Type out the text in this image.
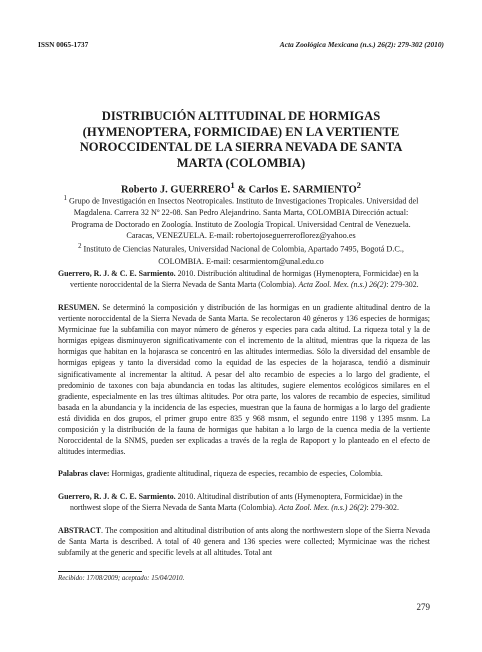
ISSN 0065-1737	Acta Zoológica Mexicana (n.s.) 26(2): 279-302 (2010)
DISTRIBUCIÓN ALTITUDINAL DE HORMIGAS (HYMENOPTERA, FORMICIDAE) EN LA VERTIENTE NOROCCIDENTAL DE LA SIERRA NEVADA DE SANTA MARTA (COLOMBIA)
Roberto J. GUERRERO$^1$ & Carlos E. SARMIENTO$^2$
$^1$ Grupo de Investigación en Insectos Neotropicales. Instituto de Investigaciones Tropicales. Universidad del Magdalena. Carrera 32 Nº 22-08. San Pedro Alejandrino. Santa Marta, COLOMBIA Dirección actual: Programa de Doctorado en Zoología. Instituto de Zoología Tropical. Universidad Central de Venezuela. Caracas, VENEZUELA. E-mail: robertojoseguerreroflorez@yahoo.es
$^2$ Instituto de Ciencias Naturales, Universidad Nacional de Colombia, Apartado 7495, Bogotá D.C., COLOMBIA. E-mail: cesarmientom@unal.edu.co

Guerrero, R. J. & C. E. Sarmiento. 2010. Distribución altitudinal de hormigas (Hymenoptera, Formicidae) en la vertiente noroccidental de la Sierra Nevada de Santa Marta (Colombia). Acta Zool. Mex. (n.s.) 26(2): 279-302.

RESUMEN. Se determinó la composición y distribución de las hormigas en un gradiente altitudinal dentro de la vertiente noroccidental de la Sierra Nevada de Santa Marta. Se recolectaron 40 géneros y 136 especies de hormigas; Myrmicinae fue la subfamilia con mayor número de géneros y especies para cada altitud. La riqueza total y la de hormigas epigeas disminuyeron significativamente con el incremento de la altitud, mientras que la riqueza de las hormigas que habitan en la hojarasca se concentró en las altitudes intermedias. Sólo la diversidad del ensamble de hormigas epigeas y tanto la diversidad como la equidad de las especies de la hojarasca, tendió a disminuir significativamente al incrementar la altitud. A pesar del alto recambio de especies a lo largo del gradiente, el predominio de taxones con baja abundancia en todas las altitudes, sugiere elementos ecológicos similares en el gradiente, especialmente en las tres últimas altitudes. Por otra parte, los valores de recambio de especies, similitud basada en la abundancia y la incidencia de las especies, muestran que la fauna de hormigas a lo largo del gradiente está dividida en dos grupos, el primer grupo entre 835 y 968 msnm, el segundo entre 1198 y 1395 msnm. La composición y la distribución de la fauna de hormigas que habitan a lo largo de la cuenca media de la vertiente Noroccidental de la SNMS, pueden ser explicadas a través de la regla de Rapoport y lo planteado en el efecto de altitudes intermedias.

Palabras clave: Hormigas, gradiente altitudinal, riqueza de especies, recambio de especies, Colombia.

Guerrero, R. J. & C. E. Sarmiento. 2010. Altitudinal distribution of ants (Hymenoptera, Formicidae) in the northwest slope of the Sierra Nevada de Santa Marta (Colombia). Acta Zool. Mex. (n.s.) 26(2): 279-302.

ABSTRACT. The composition and altitudinal distribution of ants along the northwestern slope of the Sierra Nevada de Santa Marta is described. A total of 40 genera and 136 species were collected; Myrmicinae was the richest subfamily at the generic and specific levels at all altitudes. Total ant

Recibido: 17/08/2009; aceptado: 15/04/2010.
279
